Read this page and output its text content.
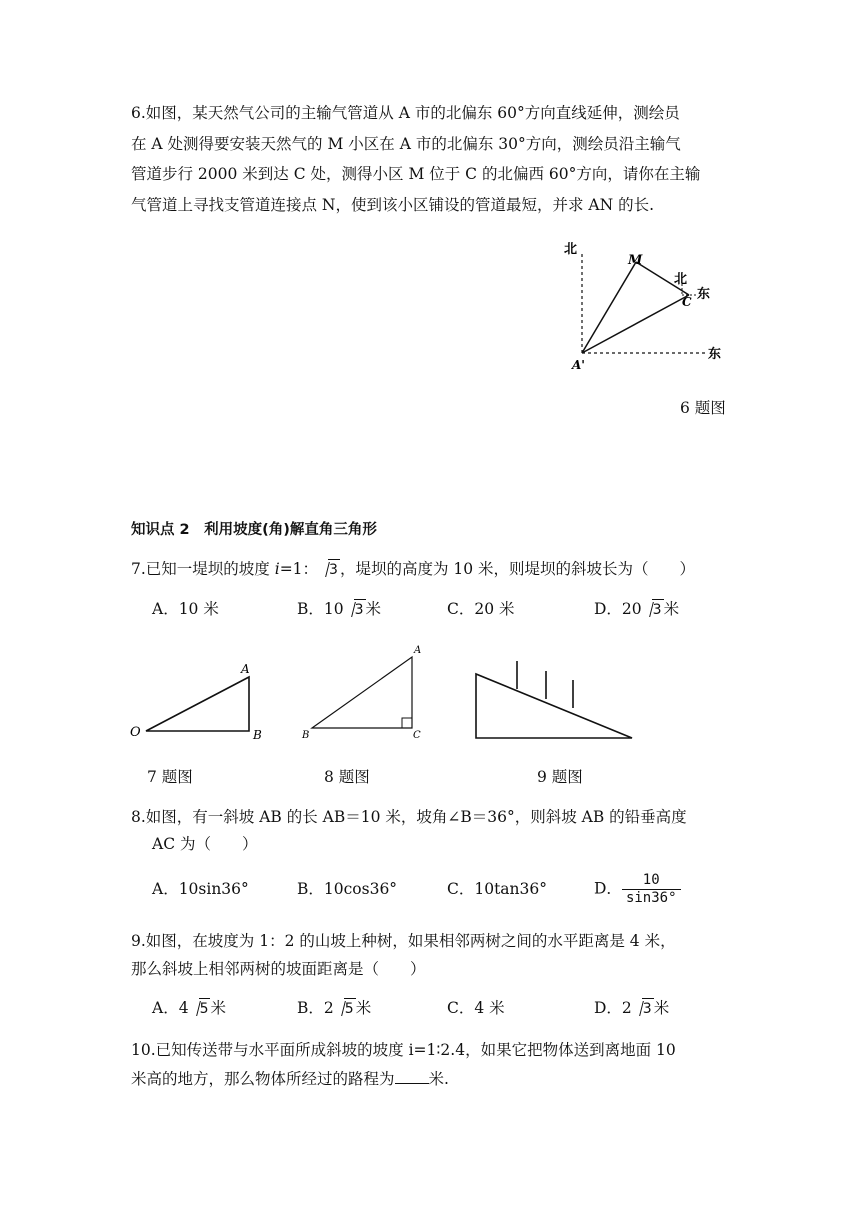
6.如图，某天然气公司的主输气管道从 A 市的北偏东 60°方向直线延伸，测绘员
在 A 处测得要安装天然气的 M 小区在 A 市的北偏东 30°方向，测绘员沿主输气
管道步行 2000 米到达 C 处，测得小区 M 位于 C 的北偏西 60°方向，请你在主输
气管道上寻找支管道连接点 N，使到该小区铺设的管道最短，并求 AN 的长.
北
M
北
东
C
东
A'
6 题图
知识点 2　利用坡度(角)解直角三角形
7.已知一堤坝的坡度 i=1： 3 ，堤坝的高度为 10 米，则堤坝的斜坡长为（　　）
A．10 米	B．10 3 米	C．20 米	D．20 3 米
O
A
B
7 题图
A
B	C
8 题图	9 题图
8.如图，有一斜坡 AB 的长 AB＝10 米，坡角∠B＝36°，则斜坡 AB 的铅垂高度
AC 为（　　）
A．10sin36°	B．10cos36°	C．10tan36°	D． $\frac{10}{\sin 36^\circ}$
9.如图，在坡度为 1：2 的山坡上种树，如果相邻两树之间的水平距离是 4 米，
那么斜坡上相邻两树的坡面距离是（　　）
A．4 5 米	B．2 5 米	C．4 米	D．2 3 米
10.已知传送带与水平面所成斜坡的坡度 i=1∶2.4，如果它把物体送到离地面 10
米高的地方，那么物体所经过的路程为 米.
